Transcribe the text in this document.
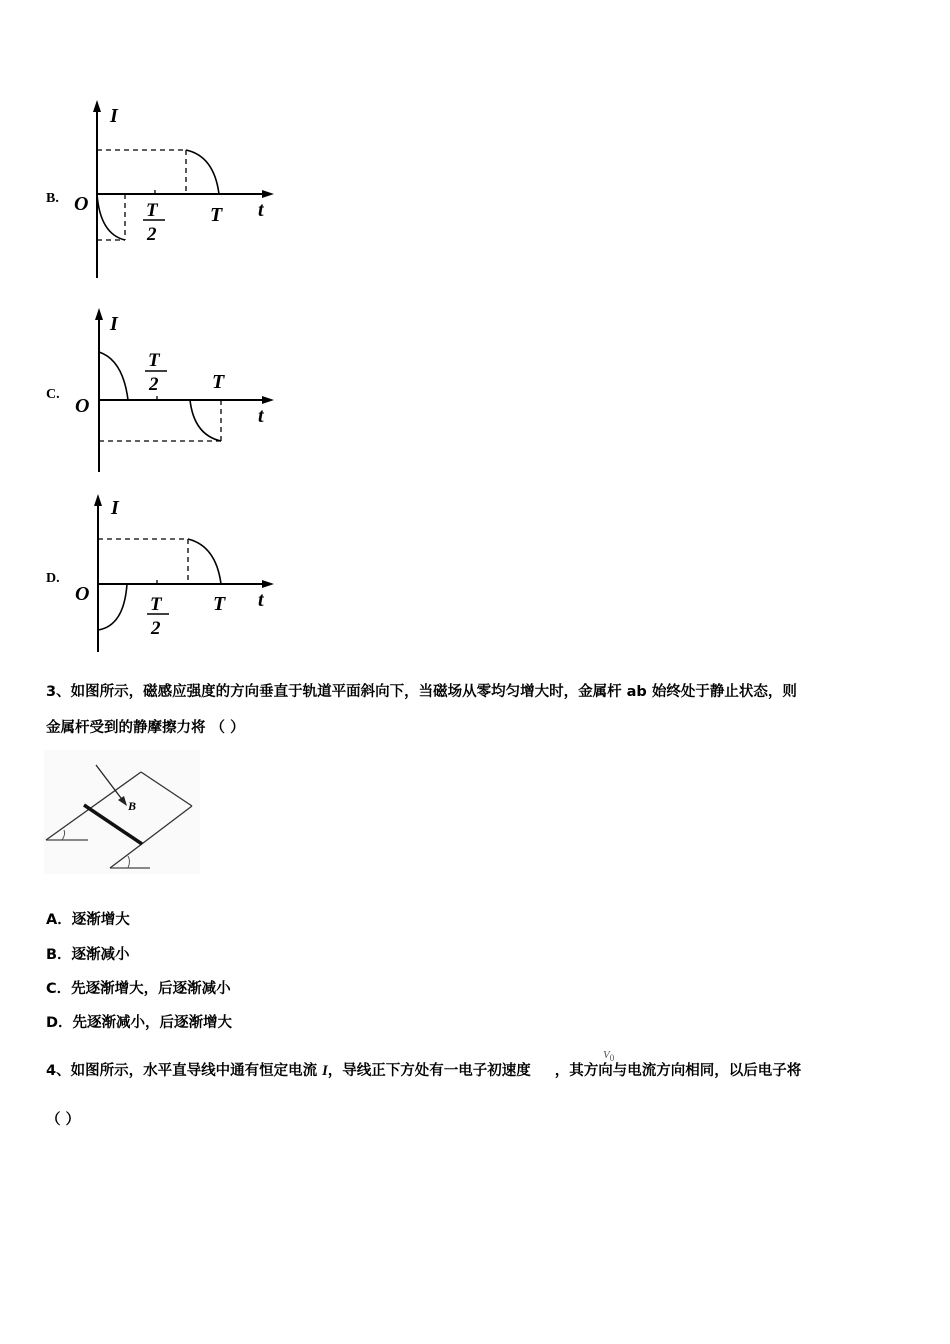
B.
I
t
O	T
2
T
C.
I
t
O
T
2	T
D.
I
t
O	T
2
T
3、如图所示，磁感应强度的方向垂直于轨道平面斜向下，当磁场从零均匀增大时，金属杆 ab 始终处于静止状态，则
金属杆受到的静摩擦力将 （ ）
B
A．逐渐增大
B．逐渐减小
C．先逐渐增大，后逐渐减小
D．先逐渐减小，后逐渐增大
4、如图所示，水平直导线中通有恒定电流 I，导线正下方处有一电子初速度 ，其方向与电流方向相同，以后电子将
$V_0$
（ ）
